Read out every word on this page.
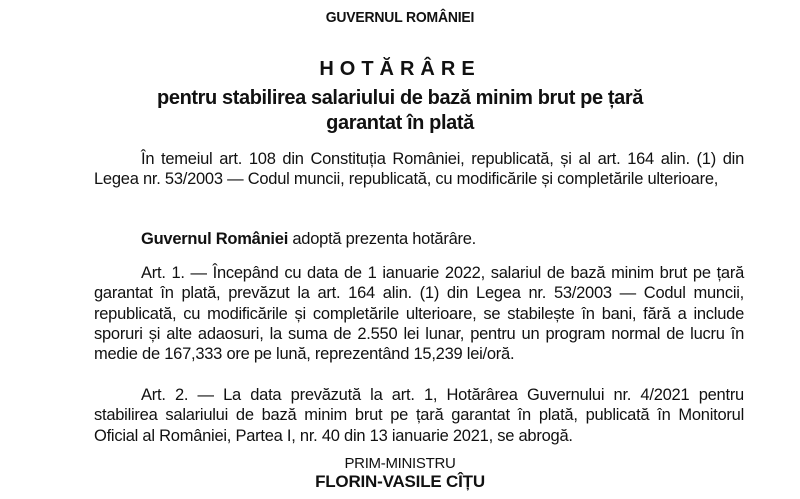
GUVERNUL ROMÂNIEI
HOTĂRÂRE
pentru stabilirea salariului de bază minim brut pe țară
garantat în plată

În temeiul art. 108 din Constituția României, republicată, și al art. 164 alin. (1) din Legea nr. 53/2003 — Codul muncii, republicată, cu modificările și completările ulterioare,

Guvernul României adoptă prezenta hotărâre.

Art. 1. — Începând cu data de 1 ianuarie 2022, salariul de bază minim brut pe țară garantat în plată, prevăzut la art. 164 alin. (1) din Legea nr. 53/2003 — Codul muncii, republicată, cu modificările și completările ulterioare, se stabilește în bani, fără a include sporuri și alte adaosuri, la suma de 2.550 lei lunar, pentru un program normal de lucru în medie de 167,333 ore pe lună, reprezentând 15,239 lei/oră.

Art. 2. — La data prevăzută la art. 1, Hotărârea Guvernului nr. 4/2021 pentru stabilirea salariului de bază minim brut pe țară garantat în plată, publicată în Monitorul Oficial al României, Partea I, nr. 40 din 13 ianuarie 2021, se abrogă.

PRIM-MINISTRU
FLORIN-VASILE CÎȚU
